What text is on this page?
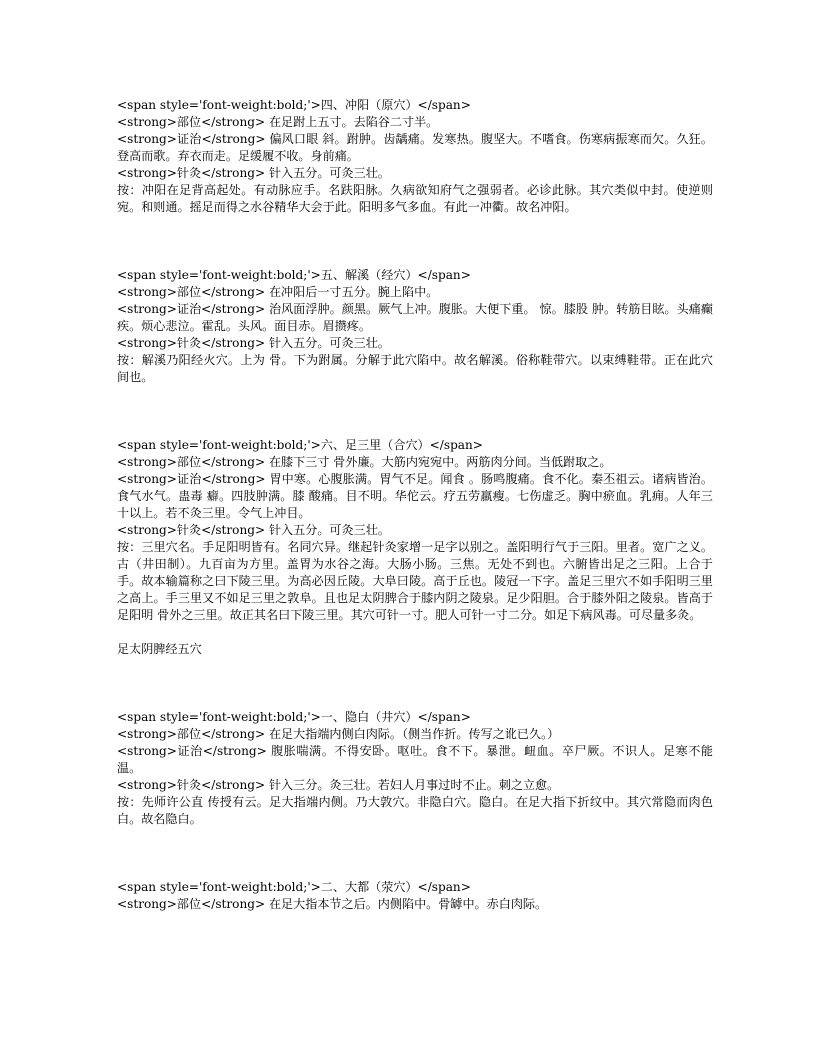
<span style='font-weight:bold;'>四、冲阳（原穴）</span>
<strong>部位</strong> 在足跗上五寸。去陷谷二寸半。
<strong>证治</strong> 偏风口眼 斜。跗肿。齿龋痛。发寒热。腹坚大。不嗜食。伤寒病振寒而欠。久狂。登高而歌。弃衣而走。足缓履不收。身前痛。
<strong>针灸</strong> 针入五分。可灸三壮。
按：冲阳在足背高起处。有动脉应手。名趺阳脉。久病欲知府气之强弱者。必诊此脉。其穴类似中封。使逆则宛。和则通。摇足而得之水谷精华大会于此。阳明多气多血。有此一冲衢。故名冲阳。
<span style='font-weight:bold;'>五、解溪（经穴）</span>
<strong>部位</strong> 在冲阳后一寸五分。腕上陷中。
<strong>证治</strong> 治风面浮肿。颜黑。厥气上冲。腹胀。大便下重。 惊。膝股 肿。转筋目眩。头痛癫疾。烦心悲泣。霍乱。头风。面目赤。眉攒疼。
<strong>针灸</strong> 针入五分。可灸三壮。
按：解溪乃阳经火穴。上为 骨。下为跗属。分解于此穴陷中。故名解溪。俗称鞋带穴。以束缚鞋带。正在此穴间也。
<span style='font-weight:bold;'>六、足三里（合穴）</span>
<strong>部位</strong> 在膝下三寸 骨外廉。大筋内宛宛中。两筋肉分间。当低跗取之。
<strong>证治</strong> 胃中寒。心腹胀满。胃气不足。闻食 。肠鸣腹痛。食不化。秦丕祖云。诸病皆治。食气水气。蛊毒 癖。四肢肿满。膝 酸痛。目不明。华佗云。疗五劳羸瘦。七伤虚乏。胸中瘀血。乳痈。人年三十以上。若不灸三里。令气上冲目。
<strong>针灸</strong> 针入五分。可灸三壮。
按：三里穴名。手足阳明皆有。名同穴异。继起针灸家增一足字以别之。盖阳明行气于三阳。里者。宽广之义。古（井田制）。九百亩为方里。盖胃为水谷之海。大肠小肠。三焦。无处不到也。六腑皆出足之三阳。上合于手。故本输篇称之曰下陵三里。为高必因丘陵。大阜曰陵。高于丘也。陵冠一下字。盖足三里穴不如手阳明三里之高上。手三里又不如足三里之敦阜。且也足太阴脾合于膝内阴之陵泉。足少阳胆。合于膝外阳之陵泉。皆高于足阳明 骨外之三里。故正其名曰下陵三里。其穴可针一寸。肥人可针一寸二分。如足下病风毒。可尽量多灸。
足太阴脾经五穴
<span style='font-weight:bold;'>一、隐白（井穴）</span>
<strong>部位</strong> 在足大指端内侧白肉际。（侧当作折。传写之讹已久。）
<strong>证治</strong> 腹胀喘满。不得安卧。呕吐。食不下。暴泄。衄血。卒尸厥。不识人。足寒不能温。
<strong>针灸</strong> 针入三分。灸三壮。若妇人月事过时不止。刺之立愈。
按：先师许公直 传授有云。足大指端内侧。乃大敦穴。非隐白穴。隐白。在足大指下折纹中。其穴常隐而肉色白。故名隐白。
<span style='font-weight:bold;'>二、大都（荥穴）</span>
<strong>部位</strong> 在足大指本节之后。内侧陷中。骨罅中。赤白肉际。
